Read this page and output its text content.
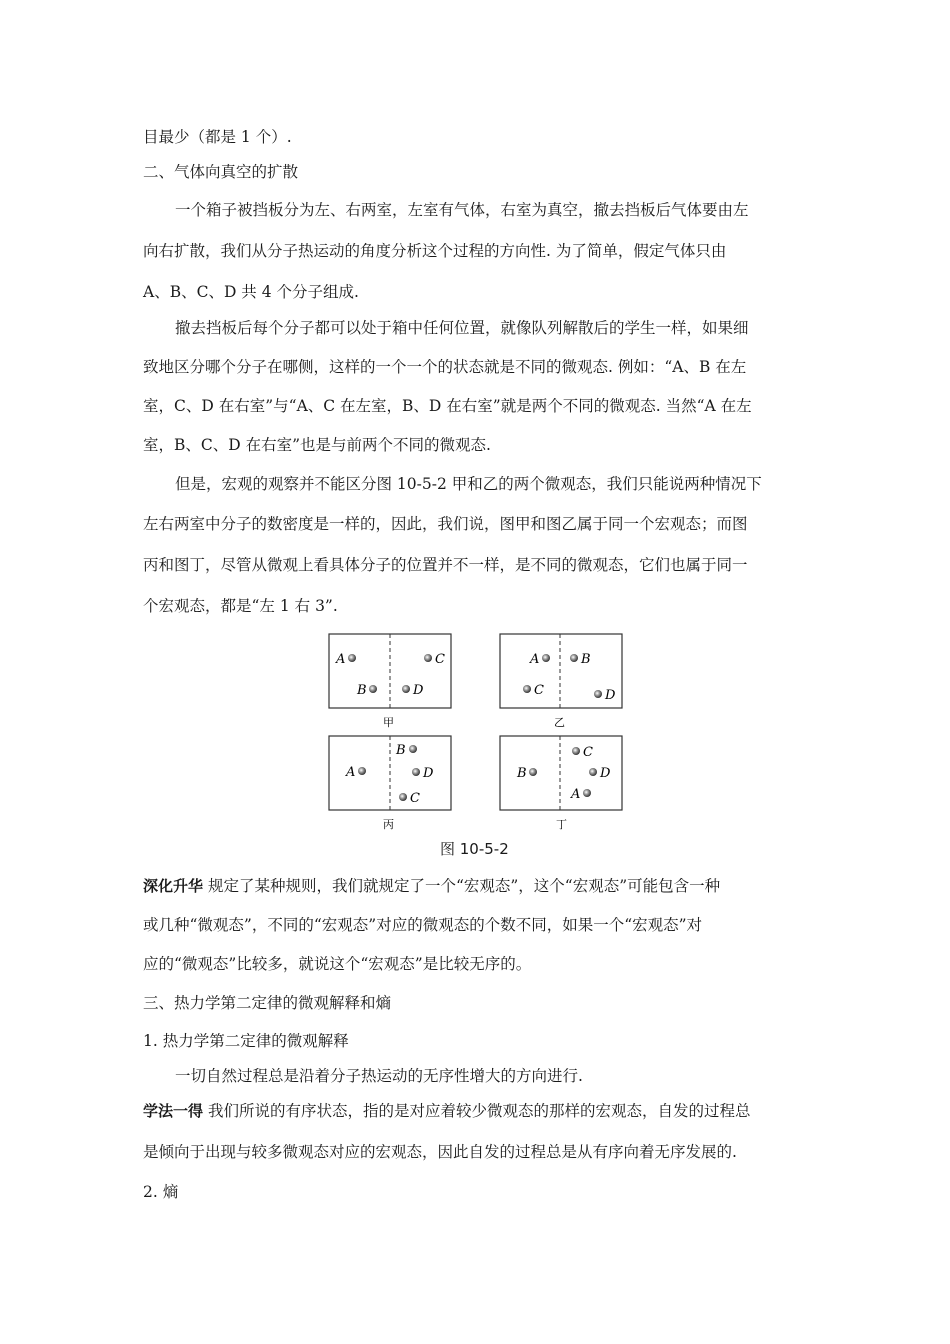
目最少（都是 1 个）.
二、气体向真空的扩散
一个箱子被挡板分为左、右两室，左室有气体，右室为真空，撤去挡板后气体要由左
向右扩散，我们从分子热运动的角度分析这个过程的方向性. 为了简单，假定气体只由
A、B、C、D 共 4 个分子组成.
撤去挡板后每个分子都可以处于箱中任何位置，就像队列解散后的学生一样，如果细
致地区分哪个分子在哪侧，这样的一个一个的状态就是不同的微观态. 例如：“A、B 在左
室，C、D 在右室”与“A、C 在左室，B、D 在右室”就是两个不同的微观态. 当然“A 在左
室，B、C、D 在右室”也是与前两个不同的微观态.
但是，宏观的观察并不能区分图 10-5-2 甲和乙的两个微观态，我们只能说两种情况下
左右两室中分子的数密度是一样的，因此，我们说，图甲和图乙属于同一个宏观态；而图
丙和图丁，尽管从微观上看具体分子的位置并不一样，是不同的微观态，它们也属于同一
个宏观态，都是“左 1 右 3”.
A	C
B	D
甲
A	B
C	D
乙
B
A	D
C
丙
C
B	D
A
丁
图 10-5-2
深化升华 规定了某种规则，我们就规定了一个“宏观态”，这个“宏观态”可能包含一种
或几种“微观态”，不同的“宏观态”对应的微观态的个数不同，如果一个“宏观态”对
应的“微观态”比较多，就说这个“宏观态”是比较无序的。
三、热力学第二定律的微观解释和熵
1. 热力学第二定律的微观解释
一切自然过程总是沿着分子热运动的无序性增大的方向进行.
学法一得 我们所说的有序状态，指的是对应着较少微观态的那样的宏观态，自发的过程总
是倾向于出现与较多微观态对应的宏观态，因此自发的过程总是从有序向着无序发展的.
2. 熵
